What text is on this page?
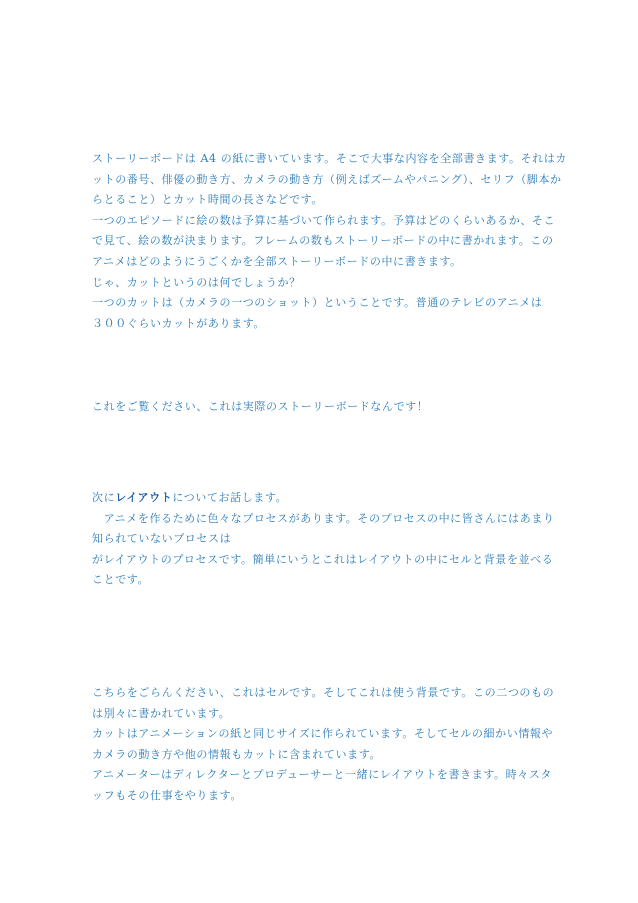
ストーリーボードは A4 の紙に書いています。そこで大事な内容を全部書きます。それはカ
ットの番号、俳優の動き方、カメラの動き方（例えばズームやパニング）、セリフ（脚本か
らとること）とカット時間の長さなどです。
一つのエピソードに絵の数は予算に基づいて作られます。予算はどのくらいあるか、そこ
で見て、絵の数が決まります。フレームの数もストーリーボードの中に書かれます。この
アニメはどのようにうごくかを全部ストーリーボードの中に書きます。
じゃ、カットというのは何でしょうか？
一つのカットは（カメラの一つのショット）ということです。普通のテレビのアニメは
３００ぐらいカットがあります。
これをご覧ください、これは実際のストーリーボードなんです！
次にレイアウトについてお話します。
　アニメを作るために色々なプロセスがあります。そのプロセスの中に皆さんにはあまり
知られていないプロセスは
がレイアウトのプロセスです。簡単にいうとこれはレイアウトの中にセルと背景を並べる
ことです。
こちらをごらんください、これはセルです。そしてこれは使う背景です。この二つのもの
は別々に書かれています。
カットはアニメーションの紙と同じサイズに作られています。そしてセルの細かい情報や
カメラの動き方や他の情報もカットに含まれています。
アニメーターはディレクターとプロデューサーと一緒にレイアウトを書きます。時々スタ
ッフもその仕事をやります。
